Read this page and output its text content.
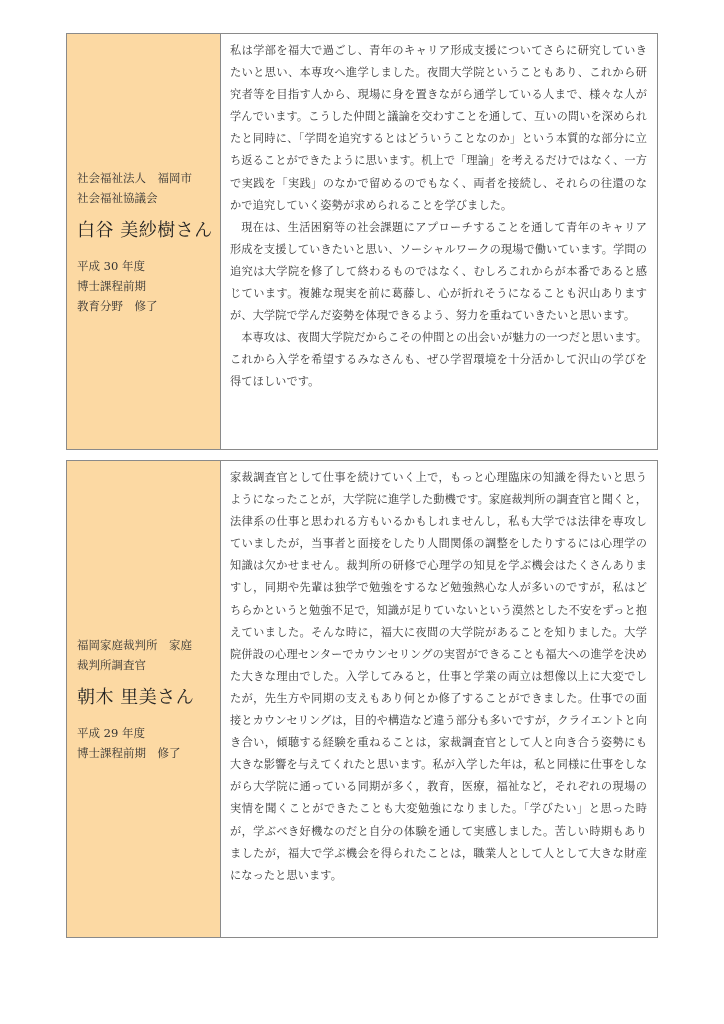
社会福祉法人　福岡市
社会福祉協議会
白谷 美紗樹さん
平成 30 年度
博士課程前期
教育分野　修了

私は学部を福大で過ごし、青年のキャリア形成支援についてさらに研究していきたいと思い、本専攻へ進学しました。夜間大学院ということもあり、これから研究者等を目指す人から、現場に身を置きながら通学している人まで、様々な人が学んでいます。こうした仲間と議論を交わすことを通して、互いの問いを深められたと同時に、「学問を追究するとはどういうことなのか」という本質的な部分に立ち返ることができたように思います。机上で「理論」を考えるだけではなく、一方で実践を「実践」のなかで留めるのでもなく、両者を接続し、それらの往還のなかで追究していく姿勢が求められることを学びました。

現在は、生活困窮等の社会課題にアプローチすることを通して青年のキャリア形成を支援していきたいと思い、ソーシャルワークの現場で働いています。学問の追究は大学院を修了して終わるものではなく、むしろこれからが本番であると感じています。複雑な現実を前に葛藤し、心が折れそうになることも沢山ありますが、大学院で学んだ姿勢を体現できるよう、努力を重ねていきたいと思います。

本専攻は、夜間大学院だからこその仲間との出会いが魅力の一つだと思います。これから入学を希望するみなさんも、ぜひ学習環境を十分活かして沢山の学びを得てほしいです。

福岡家庭裁判所　家庭
裁判所調査官
朝木 里美さん
平成 29 年度
博士課程前期　修了

家裁調査官として仕事を続けていく上で，もっと心理臨床の知識を得たいと思うようになったことが，大学院に進学した動機です。家庭裁判所の調査官と聞くと，法律系の仕事と思われる方もいるかもしれませんし，私も大学では法律を専攻していましたが，当事者と面接をしたり人間関係の調整をしたりするには心理学の知識は欠かせません。裁判所の研修で心理学の知見を学ぶ機会はたくさんありますし，同期や先輩は独学で勉強をするなど勉強熱心な人が多いのですが，私はどちらかというと勉強不足で，知識が足りていないという漠然とした不安をずっと抱えていました。そんな時に，福大に夜間の大学院があることを知りました。大学院併設の心理センターでカウンセリングの実習ができることも福大への進学を決めた大きな理由でした。入学してみると，仕事と学業の両立は想像以上に大変でしたが，先生方や同期の支えもあり何とか修了することができました。仕事での面接とカウンセリングは，目的や構造など違う部分も多いですが，クライエントと向き合い，傾聴する経験を重ねることは，家裁調査官として人と向き合う姿勢にも大きな影響を与えてくれたと思います。私が入学した年は，私と同様に仕事をしながら大学院に通っている同期が多く，教育，医療，福祉など，それぞれの現場の実情を聞くことができたことも大変勉強になりました。「学びたい」と思った時が，学ぶべき好機なのだと自分の体験を通して実感しました。苦しい時期もありましたが，福大で学ぶ機会を得られたことは，職業人として人として大きな財産になったと思います。
